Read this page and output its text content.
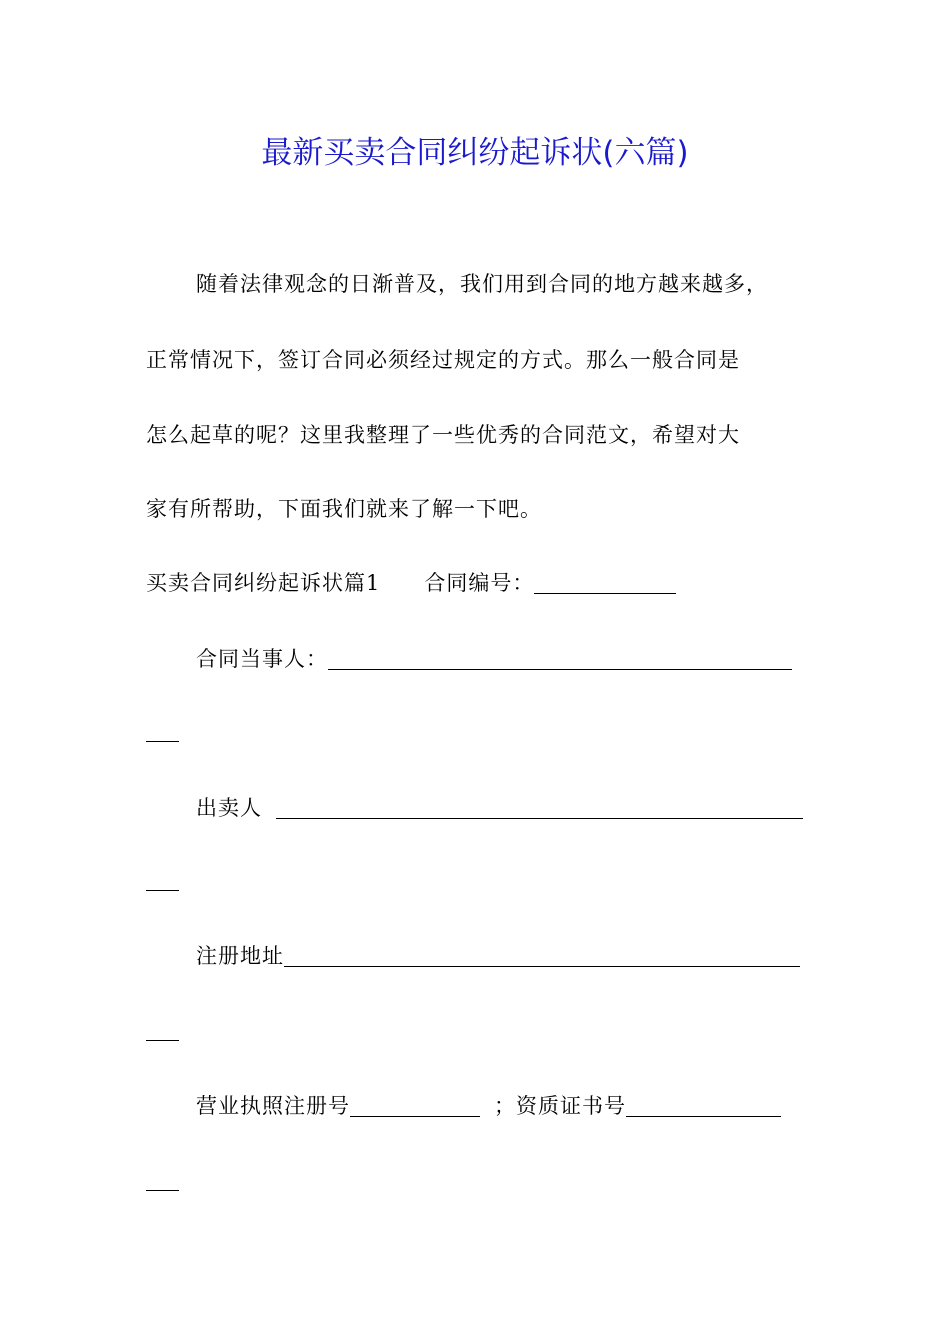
最新买卖合同纠纷起诉状(六篇)
随着法律观念的日渐普及，我们用到合同的地方越来越多，
正常情况下，签订合同必须经过规定的方式。那么一般合同是
怎么起草的呢？这里我整理了一些优秀的合同范文，希望对大
家有所帮助，下面我们就来了解一下吧。
买卖合同纠纷起诉状篇1 合同编号：
合同当事人：
出卖人
注册地址
营业执照注册号	； 资质证书号
